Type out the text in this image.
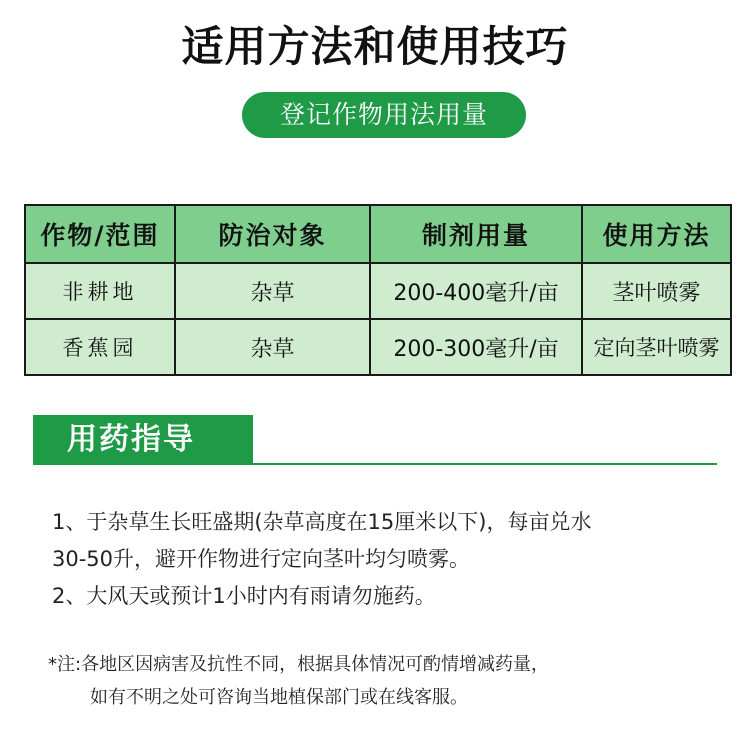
适用方法和使用技巧
登记作物用法用量
作物/范围	防治对象	制剂用量	使用方法
非耕地	杂草	200-400毫升/亩	茎叶喷雾
香蕉园	杂草	200-300毫升/亩	定向茎叶喷雾
用药指导
1、于杂草生长旺盛期(杂草高度在15厘米以下)，每亩兑水
30-50升，避开作物进行定向茎叶均匀喷雾。
2、大风天或预计1小时内有雨请勿施药。
*注:各地区因病害及抗性不同，根据具体情况可酌情增减药量，
如有不明之处可咨询当地植保部门或在线客服。
